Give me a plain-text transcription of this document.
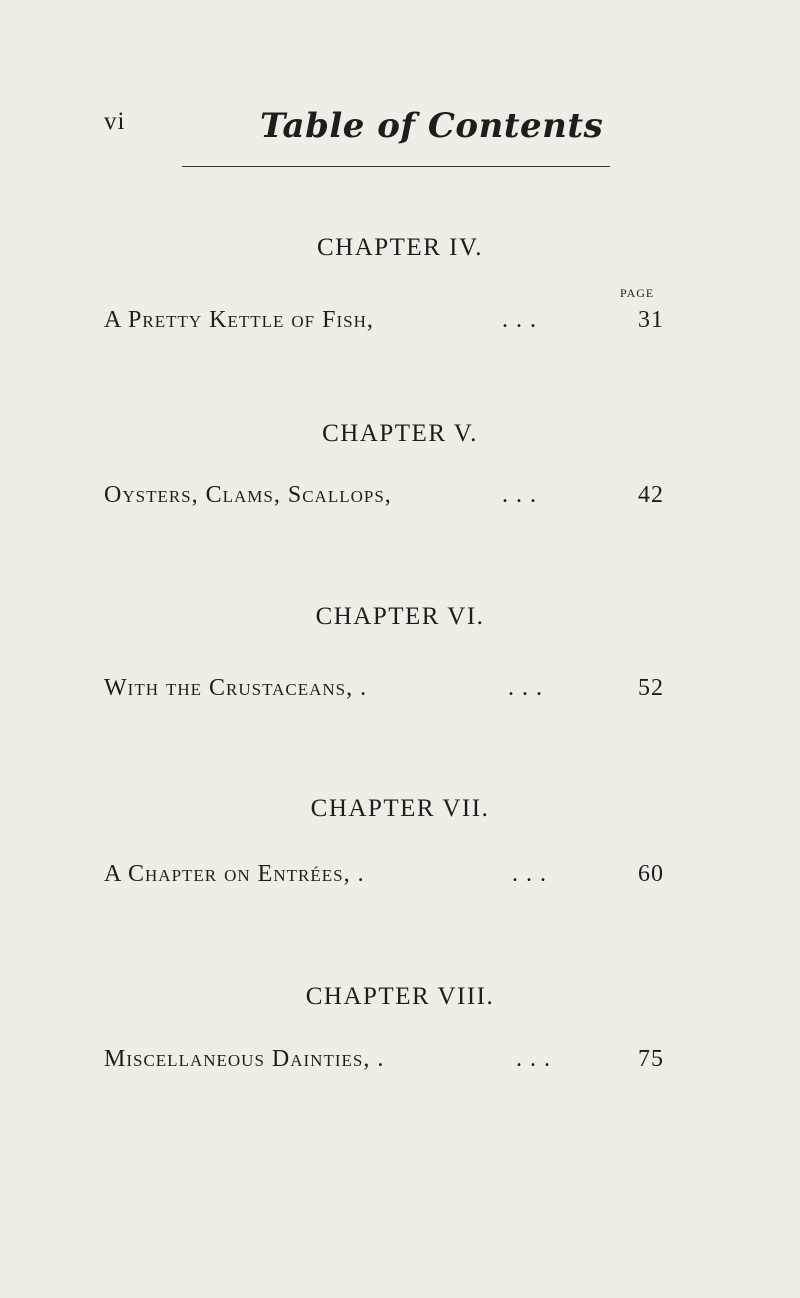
vi	Table of Contents
PAGE
CHAPTER IV.
A Pretty Kettle of Fish,	. . .	31
CHAPTER V.
Oysters, Clams, Scallops,	. . .	42
CHAPTER VI.
With the Crustaceans, .	. . .	52
CHAPTER VII.
A Chapter on Entrées, .	. . .	60
CHAPTER VIII.
Miscellaneous Dainties, .	. . .	75
